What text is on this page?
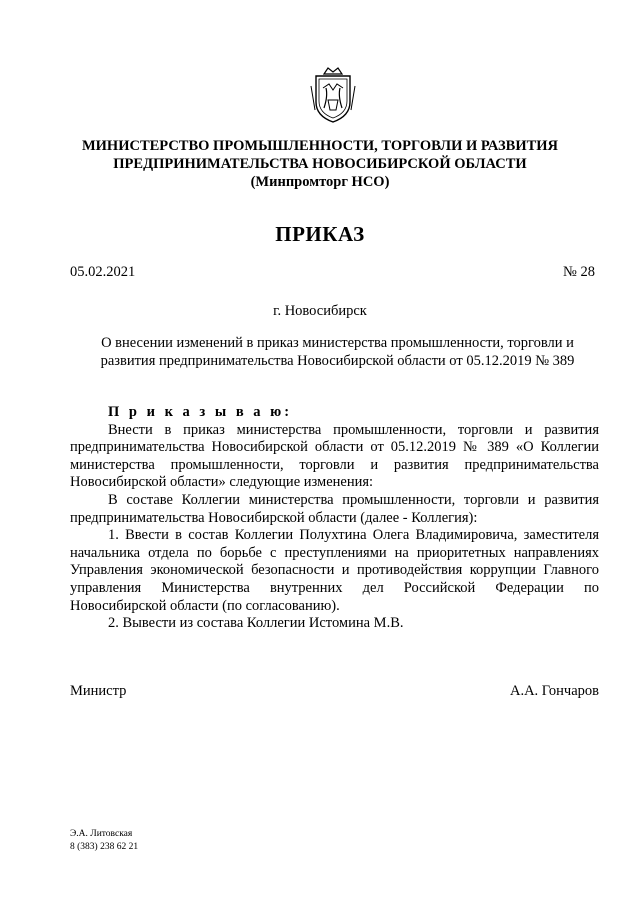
МИНИСТЕРСТВО ПРОМЫШЛЕННОСТИ, ТОРГОВЛИ И РАЗВИТИЯ
ПРЕДПРИНИМАТЕЛЬСТВА НОВОСИБИРСКОЙ ОБЛАСТИ
(Минпромторг НСО)
ПРИКАЗ
05.02.2021	№ 28
г. Новосибирск
О внесении изменений в приказ министерства промышленности, торговли и
развития предпринимательства Новосибирской области от 05.12.2019 № 389

П р и к а з ы в а ю:

Внести в приказ министерства промышленности, торговли и развития предпринимательства Новосибирской области от 05.12.2019 № 389 «О Коллегии министерства промышленности, торговли и развития предпринимательства Новосибирской области» следующие изменения:

В составе Коллегии министерства промышленности, торговли и развития предпринимательства Новосибирской области (далее - Коллегия):

1. Ввести в состав Коллегии Полухтина Олега Владимировича, заместителя начальника отдела по борьбе с преступлениями на приоритетных направлениях Управления экономической безопасности и противодействия коррупции Главного управления Министерства внутренних дел Российской Федерации по Новосибирской области (по согласованию).

2. Вывести из состава Коллегии Истомина М.В.

Министр	А.А. Гончаров
Э.А. Литовская
8 (383) 238 62 21
